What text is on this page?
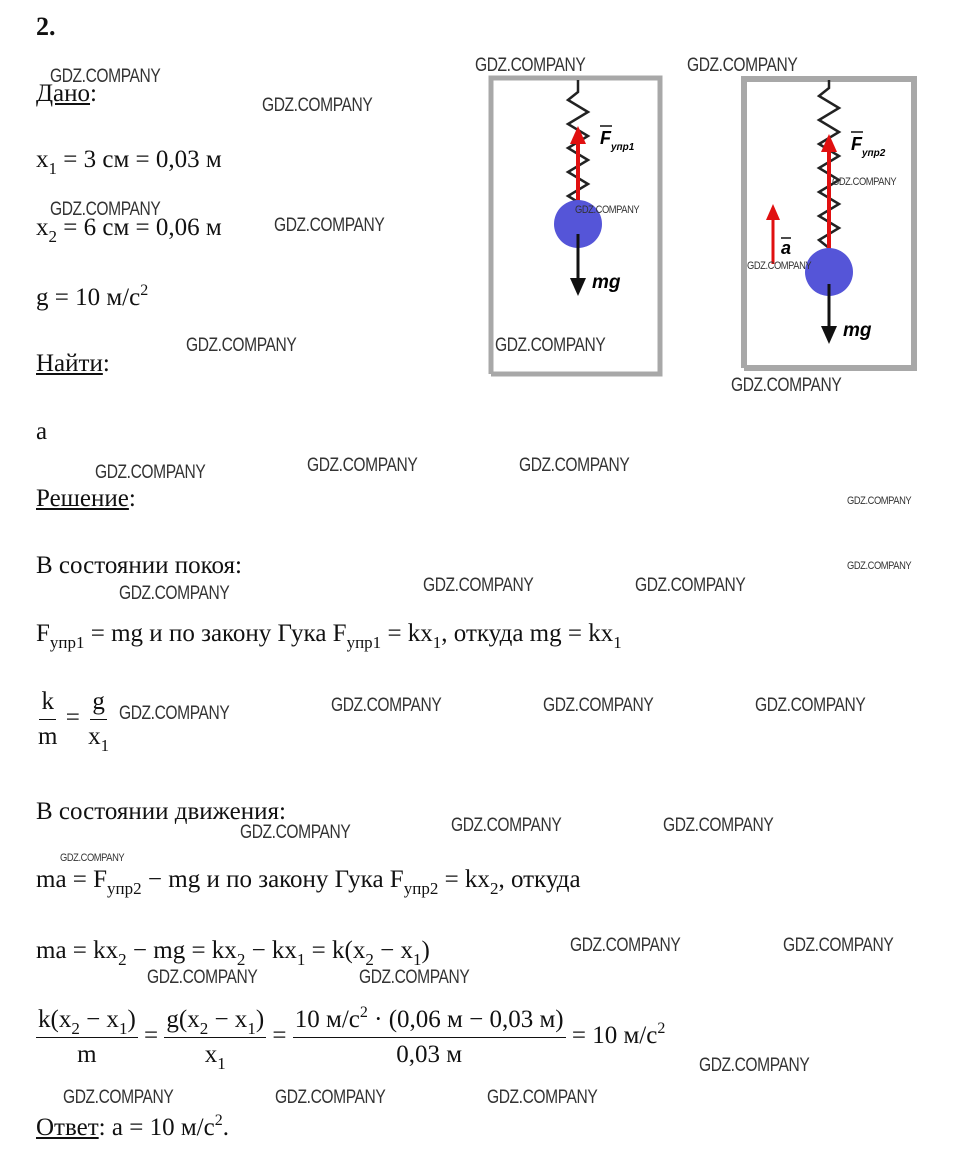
2.
Дано:
$x_1 = 3$ см = 0,03 м
$x_2 = 6$ см = 0,06 м
g = 10 $м/с^2$
Найти:
a
Решение:
В состоянии покоя:
$F_{упр1}$ = mg и по закону Гука $F_{упр1} = kx_1$, откуда mg = $kx_1$
$\frac{k}{m} = \frac{g}{x_1}$
В состоянии движения:
ma = $F_{упр2}$ − mg и по закону Гука $F_{упр2} = kx_2$, откуда
ma = $kx_2$ − mg = $kx_2 - kx_1 = k(x_2 - x_1)$
$\frac{k(x_2 - x_1)}{m} = \frac{g(x_2 - x_1)}{x_1} = \frac{10 м/с^2 \cdot (0,06 м - 0,03 м)}{0,03 м} = 10$ $м/с^2$
Ответ: a = 10 $м/с^2$.
$F_{упр1}$
mg
a
$F_{упр2}$
mg
GDZ.COMPANY
GDZ.COMPANY
GDZ.COMPANY	GDZ.COMPANY
GDZ.COMPANY
GDZ.COMPANY
GDZ.COMPANY
GDZ.COMPANY
GDZ.COMPANY
GDZ.COMPANY	GDZ.COMPANY
GDZ.COMPANY
GDZ.COMPANY	GDZ.COMPANY	GDZ.COMPANY
GDZ.COMPANY
GDZ.COMPANY
GDZ.COMPANY	GDZ.COMPANY	GDZ.COMPANY
GDZ.COMPANY	GDZ.COMPANY	GDZ.COMPANY	GDZ.COMPANY
GDZ.COMPANY	GDZ.COMPANY	GDZ.COMPANY
GDZ.COMPANY
GDZ.COMPANY	GDZ.COMPANY
GDZ.COMPANY	GDZ.COMPANY
GDZ.COMPANY
GDZ.COMPANY	GDZ.COMPANY	GDZ.COMPANY
